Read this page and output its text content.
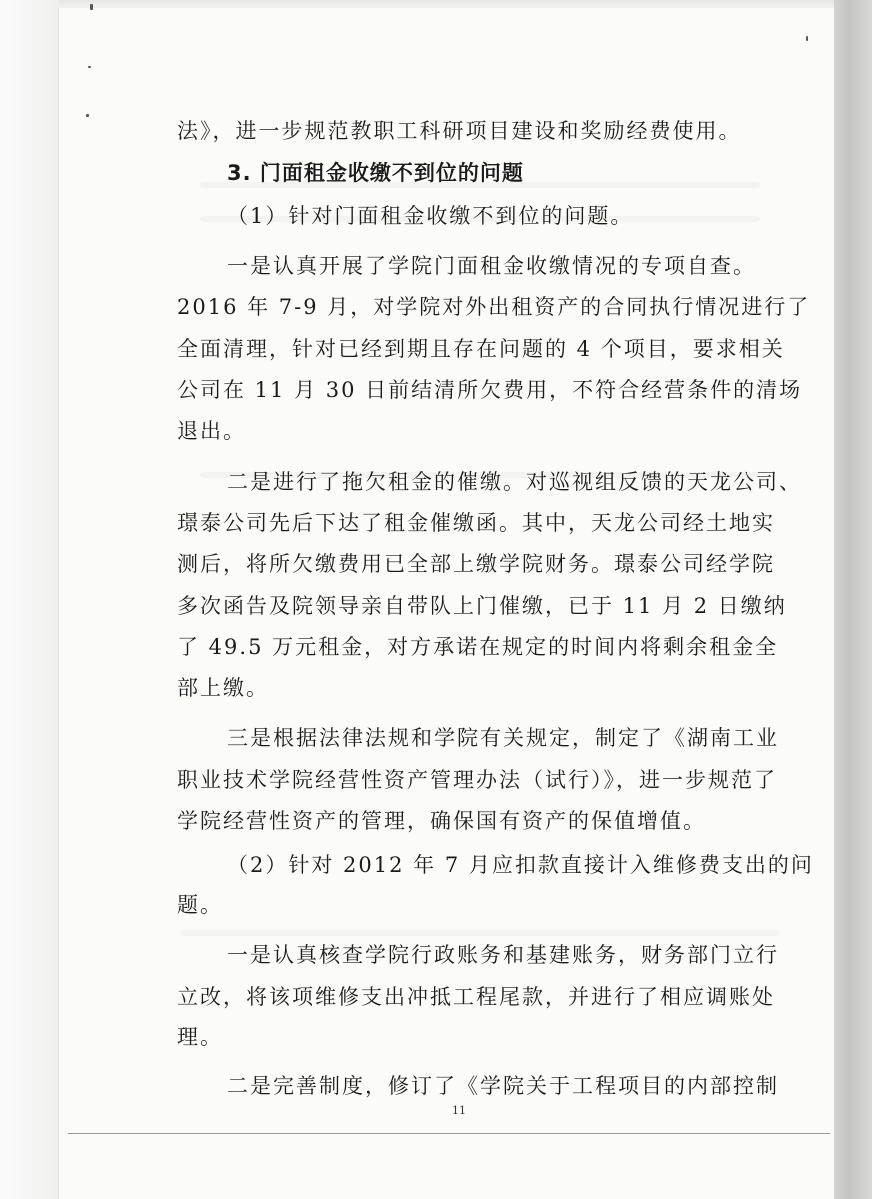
法》，进一步规范教职工科研项目建设和奖励经费使用。
3. 门面租金收缴不到位的问题
（1）针对门面租金收缴不到位的问题。
一是认真开展了学院门面租金收缴情况的专项自查。
2016 年 7-9 月，对学院对外出租资产的合同执行情况进行了
全面清理，针对已经到期且存在问题的 4 个项目，要求相关
公司在 11 月 30 日前结清所欠费用，不符合经营条件的清场
退出。
二是进行了拖欠租金的催缴。对巡视组反馈的天龙公司、
璟泰公司先后下达了租金催缴函。其中，天龙公司经土地实
测后，将所欠缴费用已全部上缴学院财务。璟泰公司经学院
多次函告及院领导亲自带队上门催缴，已于 11 月 2 日缴纳
了 49.5 万元租金，对方承诺在规定的时间内将剩余租金全
部上缴。
三是根据法律法规和学院有关规定，制定了《湖南工业
职业技术学院经营性资产管理办法（试行）》，进一步规范了
学院经营性资产的管理，确保国有资产的保值增值。
（2）针对 2012 年 7 月应扣款直接计入维修费支出的问
题。
一是认真核查学院行政账务和基建账务，财务部门立行
立改，将该项维修支出冲抵工程尾款，并进行了相应调账处
理。
二是完善制度，修订了《学院关于工程项目的内部控制
11
